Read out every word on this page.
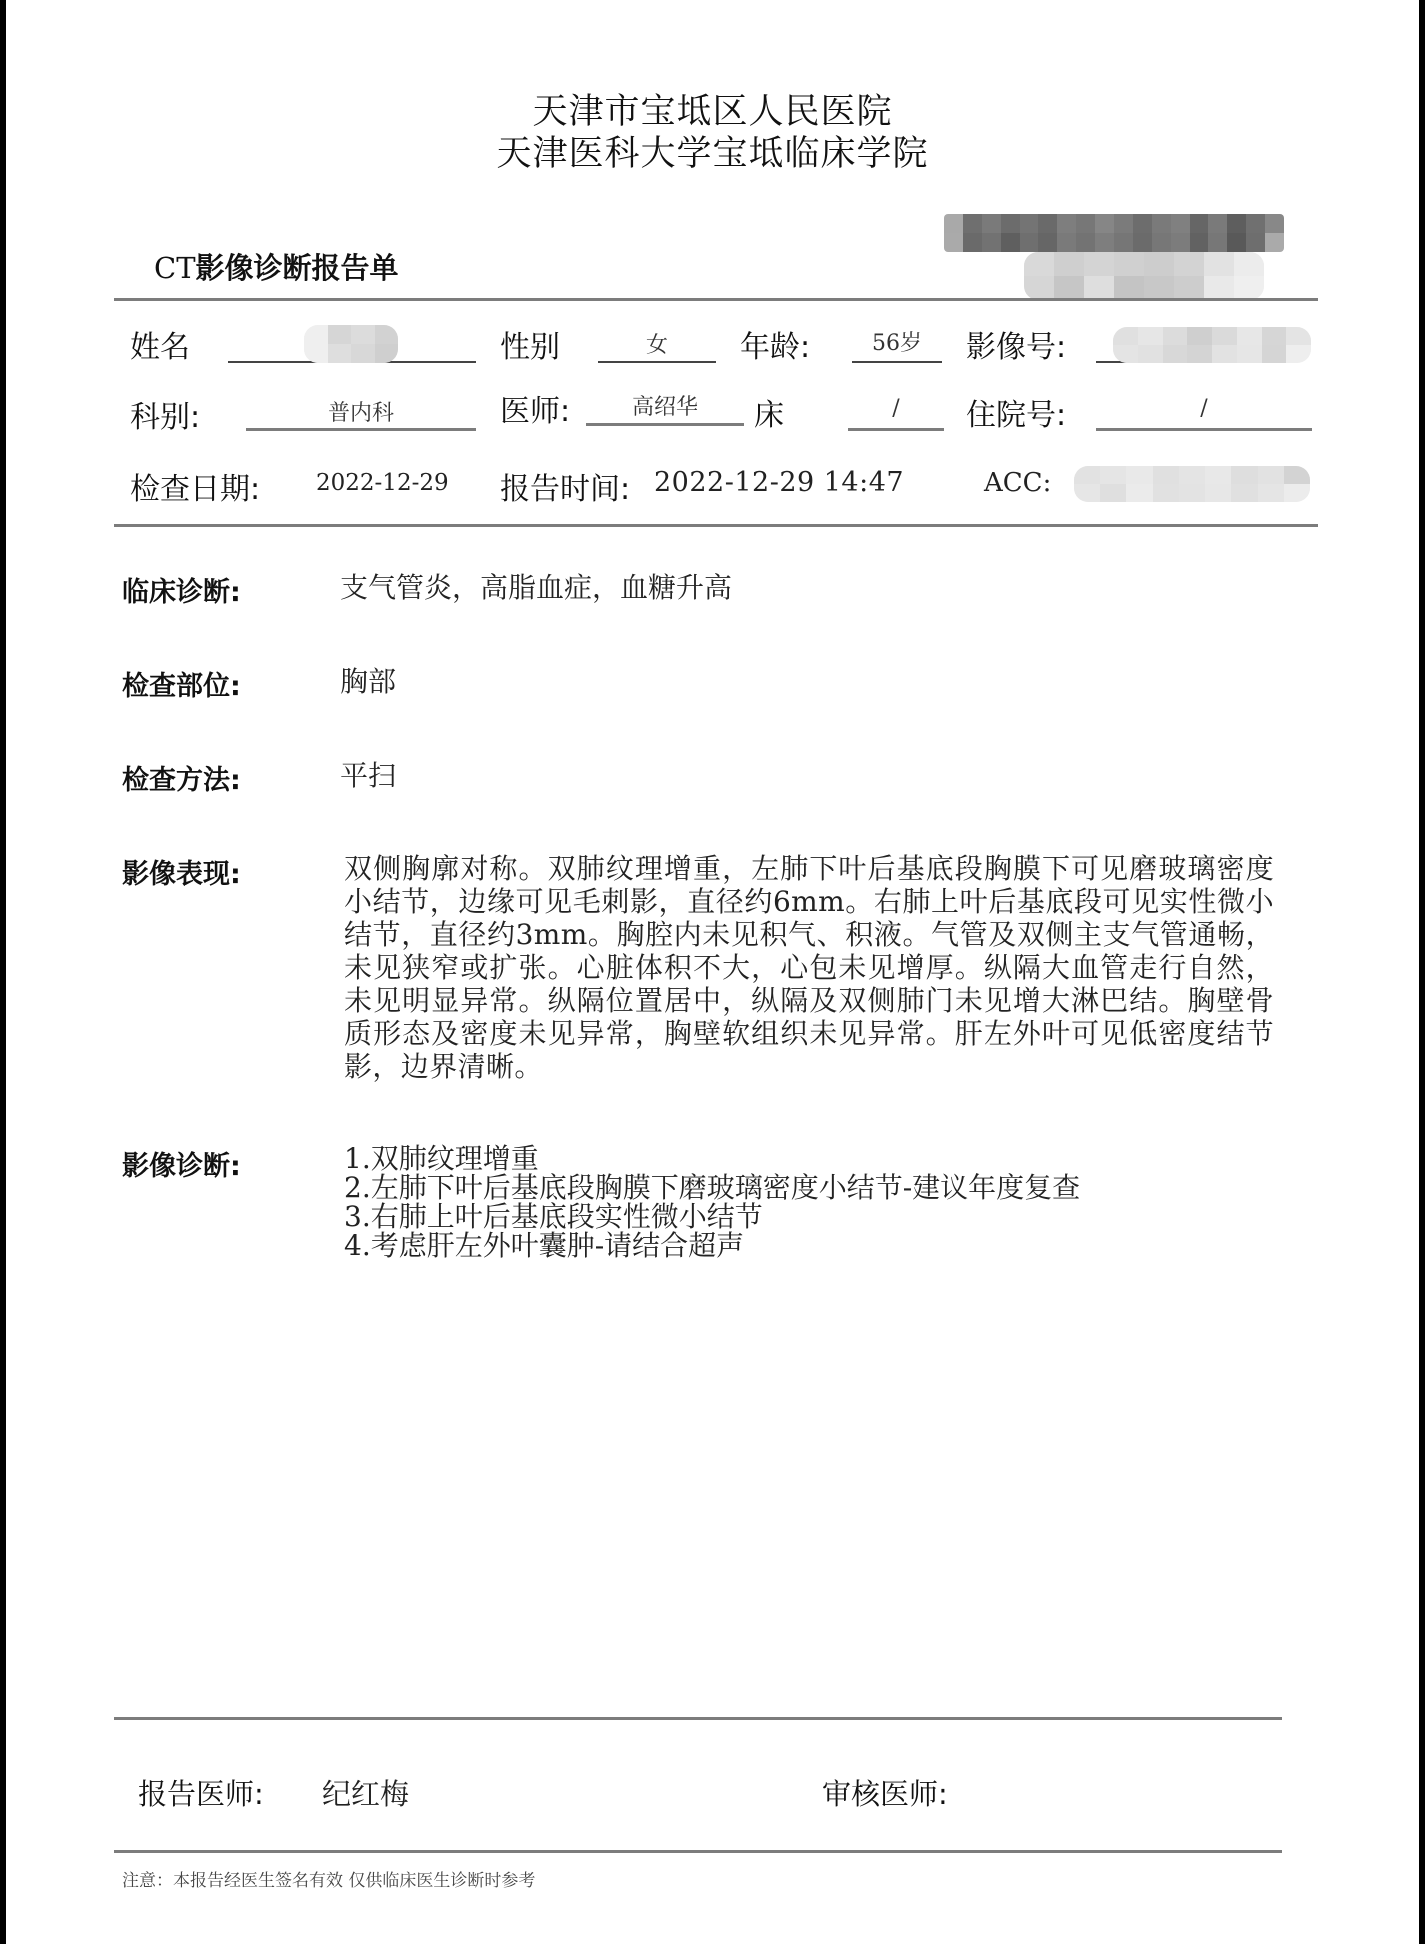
天津市宝坻区人民医院
天津医科大学宝坻临床学院
CT影像诊断报告单
姓名	性别	女	年龄:	56岁	影像号:
科别:	普内科	医师:	高绍华	床	/	住院号:	/
检查日期: 2022-12-29 报告时间: 2022-12-29 14:47	ACC:
临床诊断:	支气管炎，高脂血症，血糖升高
检查部位:	胸部
检查方法:	平扫
影像表现:	双侧胸廓对称。双肺纹理增重，左肺下叶后基底段胸膜下可见磨玻璃密度小结节，边缘可见毛刺影，直径约6mm。右肺上叶后基底段可见实性微小结节，直径约3mm。胸腔内未见积气、积液。气管及双侧主支气管通畅，未见狭窄或扩张。心脏体积不大，心包未见增厚。纵隔大血管走行自然，未见明显异常。纵隔位置居中，纵隔及双侧肺门未见增大淋巴结。胸壁骨质形态及密度未见异常，胸壁软组织未见异常。肝左外叶可见低密度结节影，边界清晰。
影像诊断:	1.双肺纹理增重
2.左肺下叶后基底段胸膜下磨玻璃密度小结节-建议年度复查
3.右肺上叶后基底段实性微小结节
4.考虑肝左外叶囊肿-请结合超声
报告医师: 纪红梅	审核医师:
注意：本报告经医生签名有效 仅供临床医生诊断时参考
